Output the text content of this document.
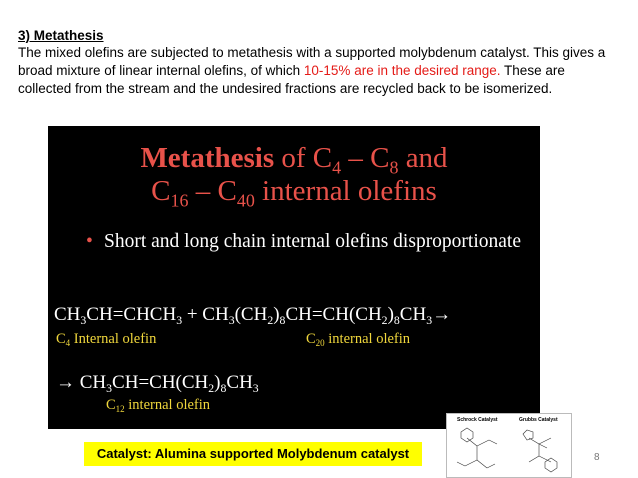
3) Metathesis
The mixed olefins are subjected to metathesis with a supported molybdenum catalyst. This gives a broad mixture of linear internal olefins, of which 10-15% are in the desired range. These are collected from the stream and the undesired fractions are recycled back to be isomerized.
Metathesis of $C_4 - C_8$ and
$C_{16} - C_{40}$ internal olefins
• Short and long chain internal olefins disproportionate
$CH_3CH=CHCH_3 + CH_3(CH_2)_8CH=CH(CH_2)_8CH_3\to$
$C_4$ Internal olefin	$C_{20}$ internal olefin
→ $CH_3CH=CH(CH_2)_8CH_3$
$C_{12}$ internal olefin
Catalyst: Alumina supported Molybdenum catalyst	8
Schrock Catalyst	Grubbs Catalyst
